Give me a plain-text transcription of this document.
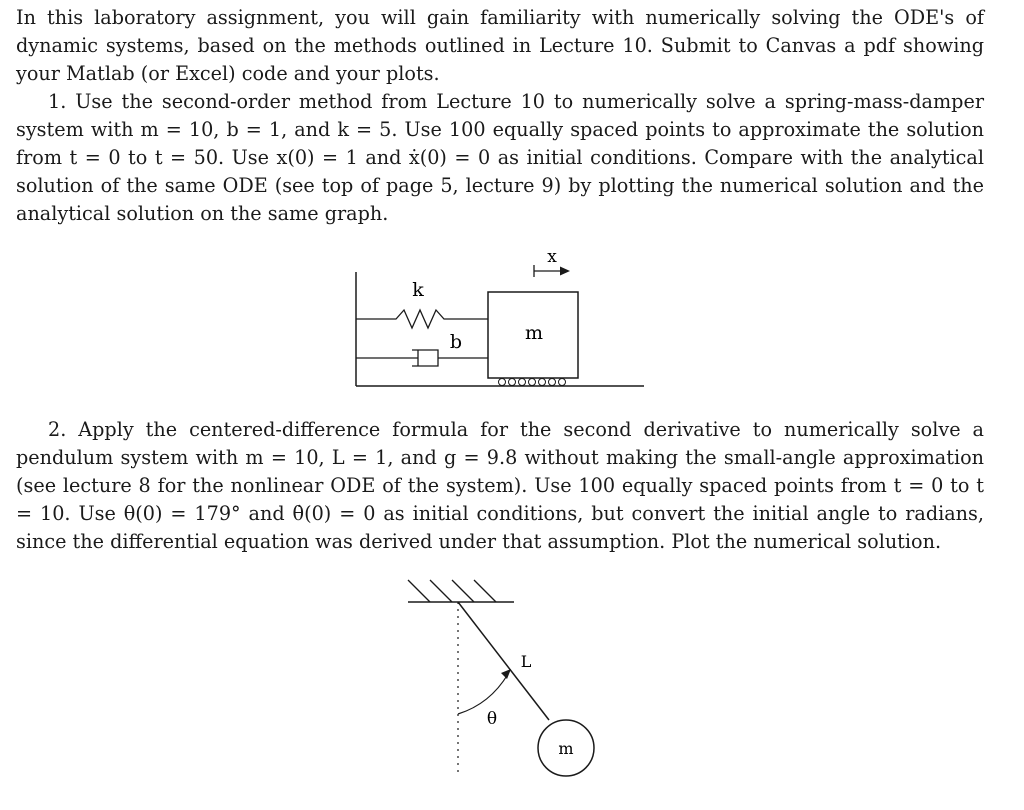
In this laboratory assignment, you will gain familiarity with numerically solving the ODE's of dynamic systems, based on the methods outlined in Lecture 10. Submit to Canvas a pdf showing your Matlab (or Excel) code and your plots.
1. Use the second-order method from Lecture 10 to numerically solve a spring-mass-damper system with m = 10, b = 1, and k = 5. Use 100 equally spaced points to approximate the solution from t = 0 to t = 50. Use x(0) = 1 and ẋ(0) = 0 as initial conditions. Compare with the analytical solution of the same ODE (see top of page 5, lecture 9) by plotting the numerical solution and the analytical solution on the same graph.
k
b	m
x
2. Apply the centered-difference formula for the second derivative to numerically solve a pendulum system with m = 10, L = 1, and g = 9.8 without making the small-angle approximation (see lecture 8 for the nonlinear ODE of the system). Use 100 equally spaced points from t = 0 to t = 10. Use θ(0) = 179° and θ̇(0) = 0 as initial conditions, but convert the initial angle to radians, since the differential equation was derived under that assumption. Plot the numerical solution.
L
θ
m
